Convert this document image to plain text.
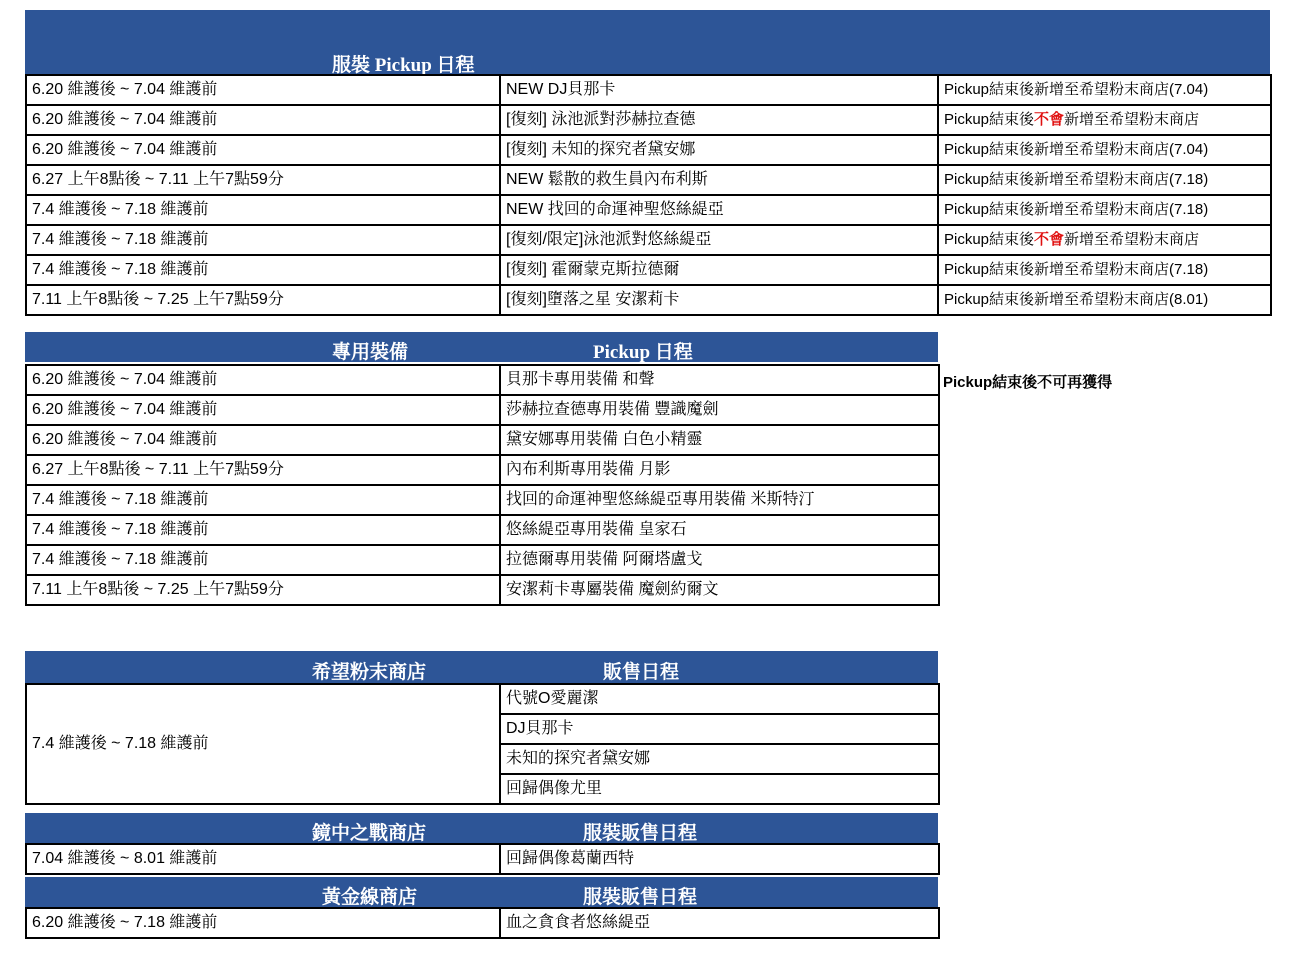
服裝 Pickup 日程
6.20 維護後 ~ 7.04 維護前	NEW DJ貝那卡	Pickup結束後新增至希望粉末商店(7.04)
6.20 維護後 ~ 7.04 維護前	[復刻] 泳池派對莎赫拉查德	Pickup結束後不會新增至希望粉末商店
6.20 維護後 ~ 7.04 維護前	[復刻] 未知的探究者黛安娜	Pickup結束後新增至希望粉末商店(7.04)
6.27 上午8點後 ~ 7.11 上午7點59分	NEW 鬆散的救生員內布利斯	Pickup結束後新增至希望粉末商店(7.18)
7.4 維護後 ~ 7.18 維護前	NEW 找回的命運神聖悠絲緹亞	Pickup結束後新增至希望粉末商店(7.18)
7.4 維護後 ~ 7.18 維護前	[復刻/限定]泳池派對悠絲緹亞	Pickup結束後不會新增至希望粉末商店
7.4 維護後 ~ 7.18 維護前	[復刻] 霍爾蒙克斯拉德爾	Pickup結束後新增至希望粉末商店(7.18)
7.11 上午8點後 ~ 7.25 上午7點59分	[復刻]墮落之星 安潔莉卡	Pickup結束後新增至希望粉末商店(8.01)
專用裝備	Pickup 日程
6.20 維護後 ~ 7.04 維護前	貝那卡專用裝備 和聲
6.20 維護後 ~ 7.04 維護前	莎赫拉查德專用裝備 豐識魔劍
6.20 維護後 ~ 7.04 維護前	黛安娜專用裝備 白色小精靈
6.27 上午8點後 ~ 7.11 上午7點59分	內布利斯專用裝備 月影
7.4 維護後 ~ 7.18 維護前	找回的命運神聖悠絲緹亞專用裝備 米斯特汀
7.4 維護後 ~ 7.18 維護前	悠絲緹亞專用裝備 皇家石
7.4 維護後 ~ 7.18 維護前	拉德爾專用裝備 阿爾塔盧戈
7.11 上午8點後 ~ 7.25 上午7點59分	安潔莉卡專屬裝備 魔劍約爾文
Pickup結束後不可再獲得
希望粉末商店	販售日程
7.4 維護後 ~ 7.18 維護前	代號O愛麗潔
DJ貝那卡
未知的探究者黛安娜
回歸偶像尤里
鏡中之戰商店	服裝販售日程
7.04 維護後 ~ 8.01 維護前	回歸偶像葛蘭西特
黃金線商店	服裝販售日程
6.20 維護後 ~ 7.18 維護前	血之貪食者悠絲緹亞
